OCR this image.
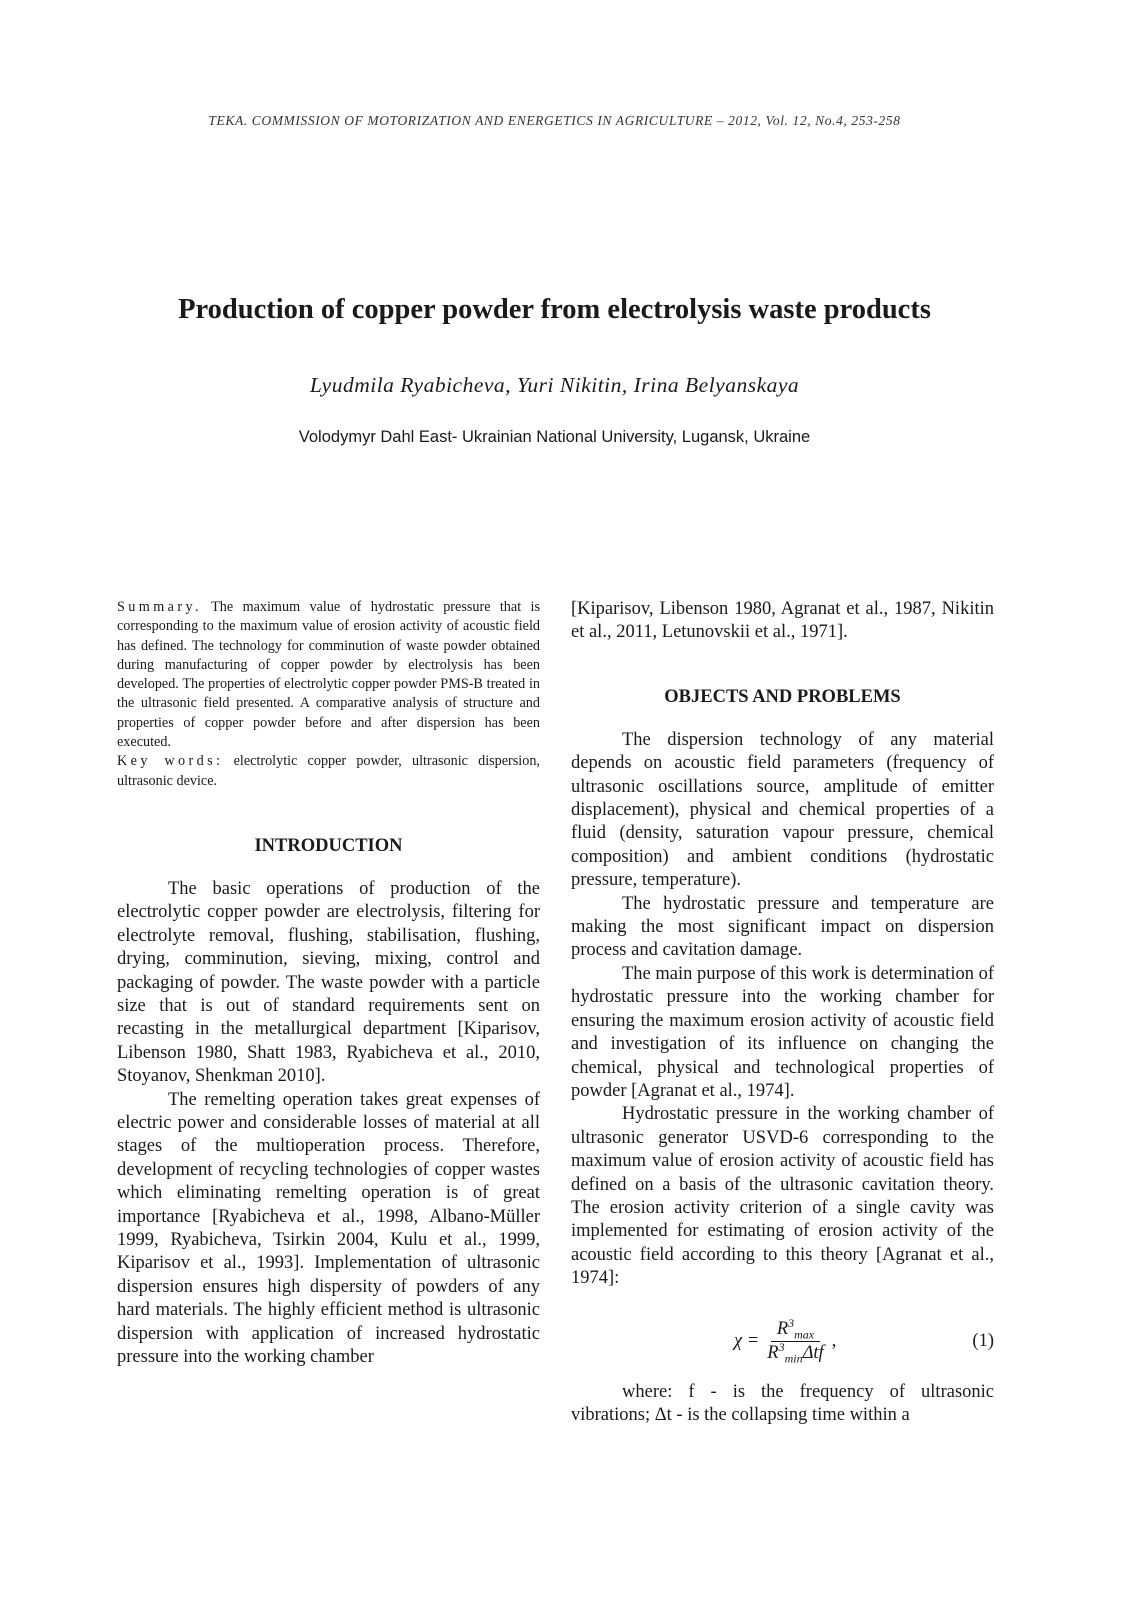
TEKA. COMMISSION OF MOTORIZATION AND ENERGETICS IN AGRICULTURE – 2012, Vol. 12, No.4, 253-258
Production of copper powder from electrolysis waste products
Lyudmila Ryabicheva, Yuri Nikitin, Irina Belyanskaya
Volodymyr Dahl East- Ukrainian National University, Lugansk, Ukraine

Summary. The maximum value of hydrostatic pressure that is corresponding to the maximum value of erosion activity of acoustic field has defined. The technology for comminution of waste powder obtained during manufacturing of copper powder by electrolysis has been developed. The properties of electrolytic copper powder PMS-B treated in the ultrasonic field presented. A comparative analysis of structure and properties of copper powder before and after dispersion has been executed.

Key words: electrolytic copper powder, ultrasonic dispersion, ultrasonic device.

INTRODUCTION

The basic operations of production of the electrolytic copper powder are electrolysis, filtering for electrolyte removal, flushing, stabilisation, flushing, drying, comminution, sieving, mixing, control and packaging of powder. The waste powder with a particle size that is out of standard requirements sent on recasting in the metallurgical department [Kiparisov, Libenson 1980, Shatt 1983, Ryabicheva et al., 2010, Stoyanov, Shenkman 2010].

The remelting operation takes great expenses of electric power and considerable losses of material at all stages of the multioperation process. Therefore, development of recycling technologies of copper wastes which eliminating remelting operation is of great importance [Ryabicheva et al., 1998, Albano-Müller 1999, Ryabicheva, Tsirkin 2004, Kulu et al., 1999, Kiparisov et al., 1993]. Implementation of ultrasonic dispersion ensures high dispersity of powders of any hard materials. The highly efficient method is ultrasonic dispersion with application of increased hydrostatic pressure into the working chamber

[Kiparisov, Libenson 1980, Agranat et al., 1987, Nikitin et al., 2011, Letunovskii et al., 1971].

OBJECTS AND PROBLEMS

The dispersion technology of any material depends on acoustic field parameters (frequency of ultrasonic oscillations source, amplitude of emitter displacement), physical and chemical properties of a fluid (density, saturation vapour pressure, chemical composition) and ambient conditions (hydrostatic pressure, temperature).

The hydrostatic pressure and temperature are making the most significant impact on dispersion process and cavitation damage.

The main purpose of this work is determination of hydrostatic pressure into the working chamber for ensuring the maximum erosion activity of acoustic field and investigation of its influence on changing the chemical, physical and technological properties of powder [Agranat et al., 1974].

Hydrostatic pressure in the working chamber of ultrasonic generator USVD-6 corresponding to the maximum value of erosion activity of acoustic field has defined on a basis of the ultrasonic cavitation theory. The erosion activity criterion of a single cavity was implemented for estimating of erosion activity of the acoustic field according to this theory [Agranat et al., 1974]:

$\chi = \frac{R^3_{max}}{R^3_{min}\Delta tf}$ ,	(1)

where: f - is the frequency of ultrasonic vibrations; Δt - is the collapsing time within a
